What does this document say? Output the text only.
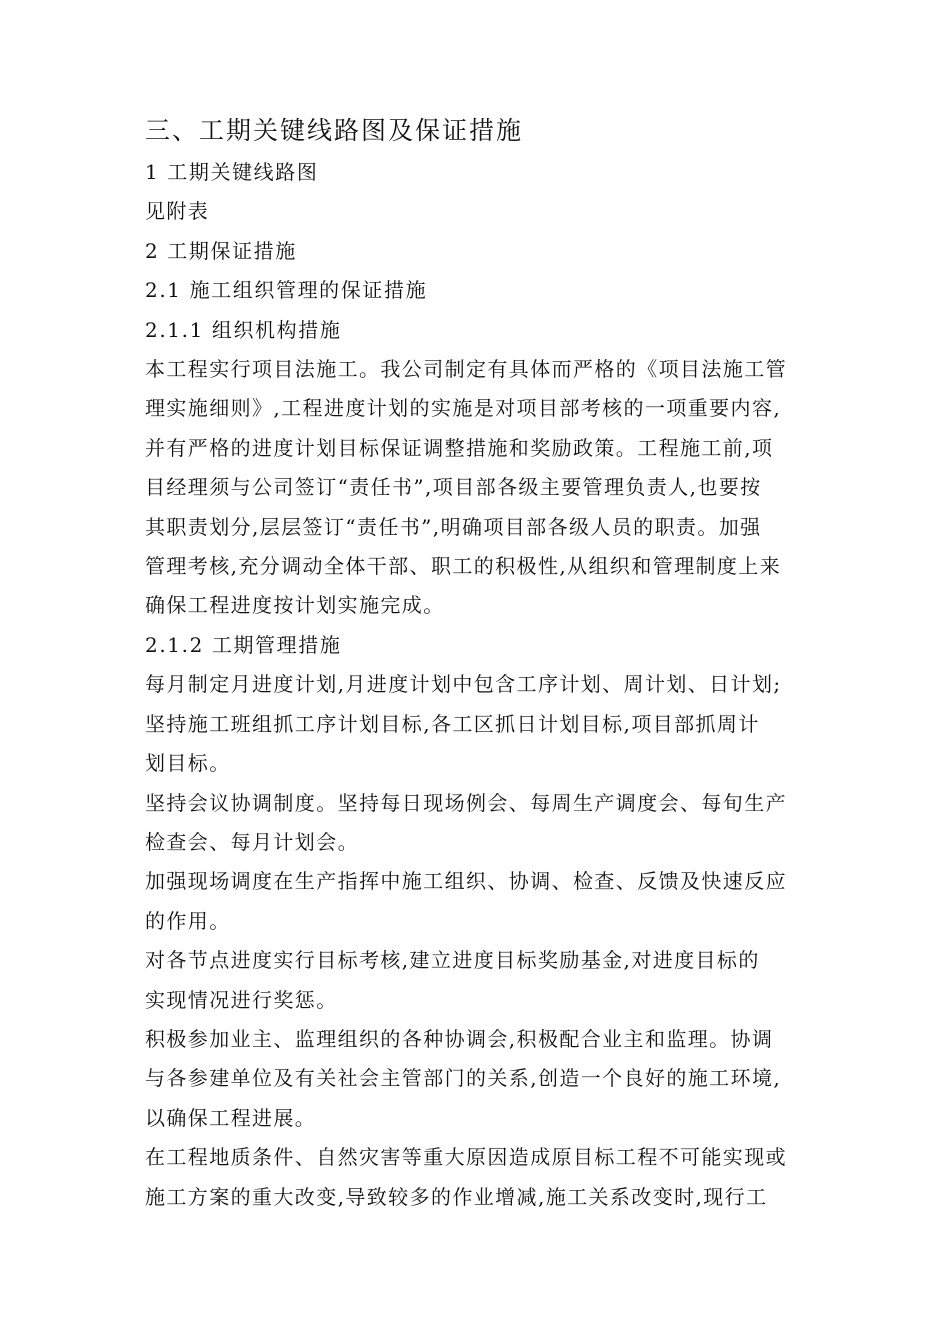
三、工期关键线路图及保证措施
1 工期关键线路图
见附表
2 工期保证措施
2.1 施工组织管理的保证措施
2.1.1 组织机构措施
本工程实行项目法施工。我公司制定有具体而严格的《项目法施工管
理实施细则》,工程进度计划的实施是对项目部考核的一项重要内容,
并有严格的进度计划目标保证调整措施和奖励政策。工程施工前,项
目经理须与公司签订“责任书”,项目部各级主要管理负责人,也要按
其职责划分,层层签订“责任书”,明确项目部各级人员的职责。加强
管理考核,充分调动全体干部、职工的积极性,从组织和管理制度上来
确保工程进度按计划实施完成。
2.1.2 工期管理措施
每月制定月进度计划,月进度计划中包含工序计划、周计划、日计划;
坚持施工班组抓工序计划目标,各工区抓日计划目标,项目部抓周计
划目标。
坚持会议协调制度。坚持每日现场例会、每周生产调度会、每旬生产
检查会、每月计划会。
加强现场调度在生产指挥中施工组织、协调、检查、反馈及快速反应
的作用。
对各节点进度实行目标考核,建立进度目标奖励基金,对进度目标的
实现情况进行奖惩。
积极参加业主、监理组织的各种协调会,积极配合业主和监理。协调
与各参建单位及有关社会主管部门的关系,创造一个良好的施工环境,
以确保工程进展。
在工程地质条件、自然灾害等重大原因造成原目标工程不可能实现或
施工方案的重大改变,导致较多的作业增减,施工关系改变时,现行工
